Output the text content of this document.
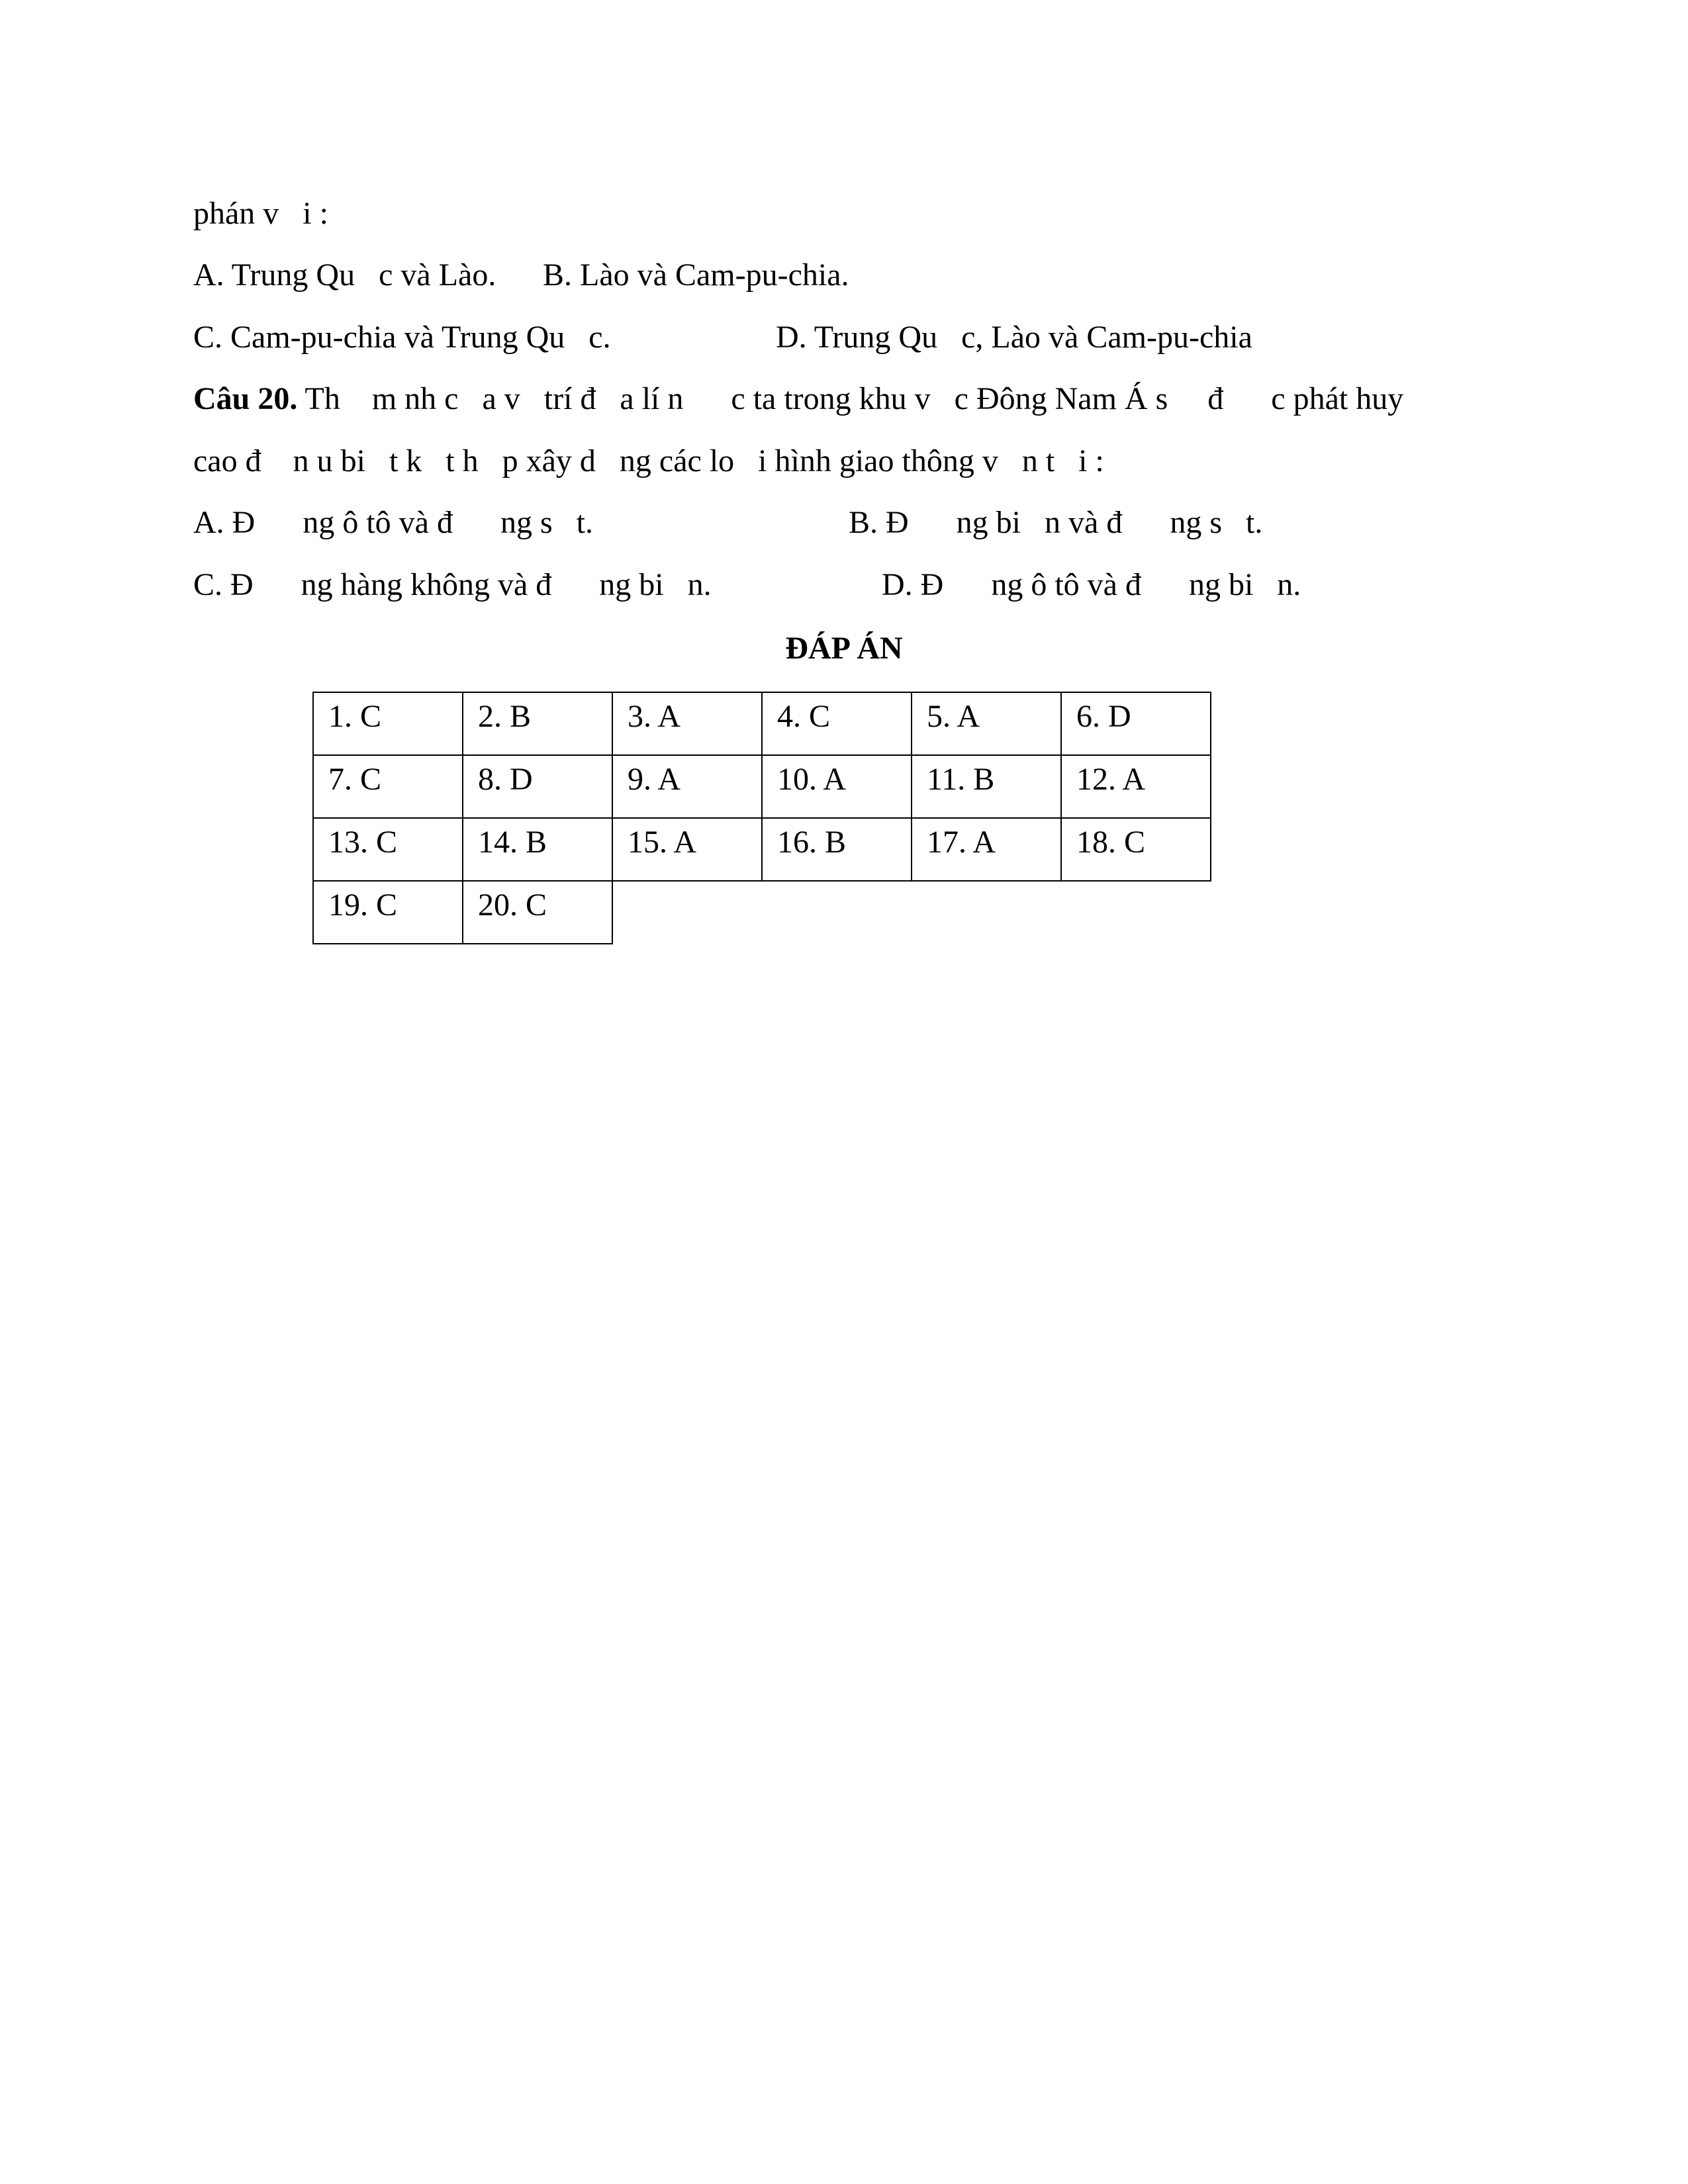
phán v   i :
A. Trung Qu   c và Lào. B. Lào và Cam-pu-chia.
C. Cam-pu-chia và Trung Qu   c.	D. Trung Qu   c, Lào và Cam-pu-chia
Câu 20. Th    m nh c   a v   trí đ   a lí n      c ta trong khu v   c Đông Nam Á s     đ      c phát huy
cao đ    n u bi   t k   t h   p xây d   ng các lo   i hình giao thông v   n t   i :
A. Đ      ng ô tô và đ      ng s   t.	B. Đ      ng bi   n và đ      ng s   t.
C. Đ      ng hàng không và đ      ng bi   n.	D. Đ      ng ô tô và đ      ng bi   n.
ĐÁP ÁN
1. C	2. B	3. A	4. C	5. A	6. D
7. C	8. D	9. A	10. A	11. B	12. A
13. C	14. B	15. A	16. B	17. A	18. C
19. C	20. C				
